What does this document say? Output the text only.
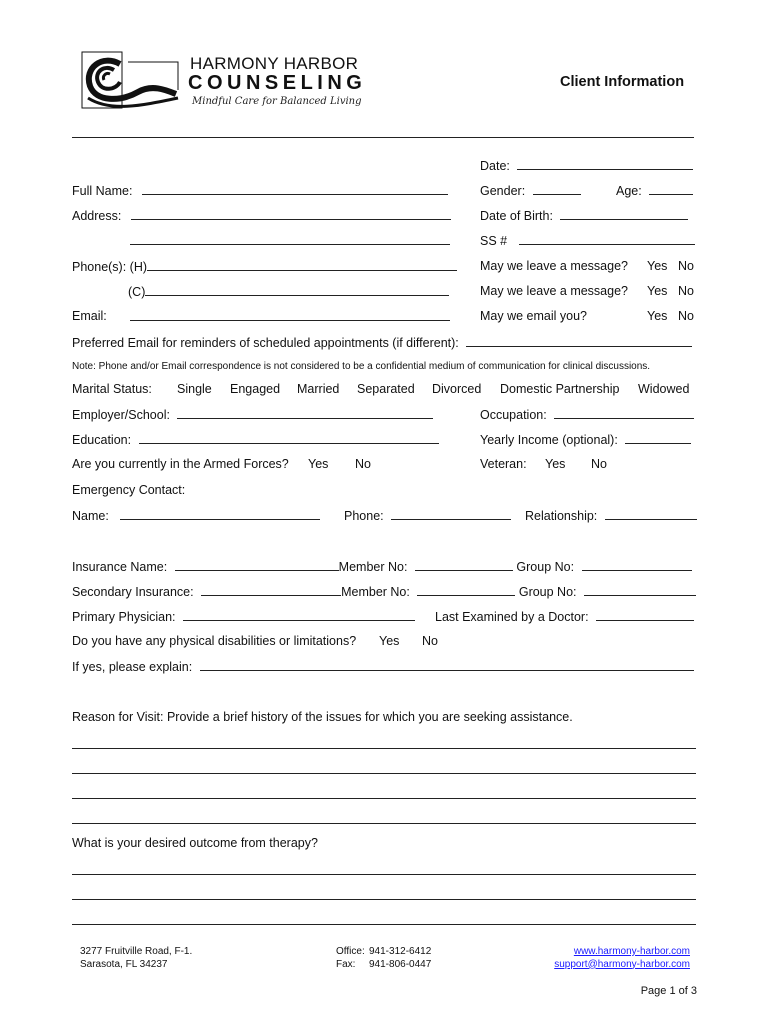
HARMONY HARBOR
COUNSELING
Mindful Care for Balanced Living
Client Information
Date:
Full Name:	Gender:	Age:
Address:	Date of Birth:
SS #
Phone(s): (H)	May we leave a message? Yes No
(C)	May we leave a message? Yes No
Email:	May we email you?	Yes No
Preferred Email for reminders of scheduled appointments (if different):
Note: Phone and/or Email correspondence is not considered to be a confidential medium of communication for clinical discussions.
Marital Status: Single Engaged Married Separated Divorced Domestic Partnership Widowed
Employer/School:	Occupation:
Education:	Yearly Income (optional):
Are you currently in the Armed Forces? Yes No	Veteran: Yes No
Emergency Contact:
Name:	Phone:	Relationship:
Insurance Name:	Member No:	Group No:
Secondary Insurance:	Member No:	Group No:
Primary Physician:	Last Examined by a Doctor:
Do you have any physical disabilities or limitations? Yes No
If yes, please explain:
Reason for Visit: Provide a brief history of the issues for which you are seeking assistance.
What is your desired outcome from therapy?
3277 Fruitville Road, F-1.
Sarasota, FL 34237
Office: 941-312-6412
Fax: 941-806-0447
www.harmony-harbor.com
support@harmony-harbor.com
Page 1 of 3
